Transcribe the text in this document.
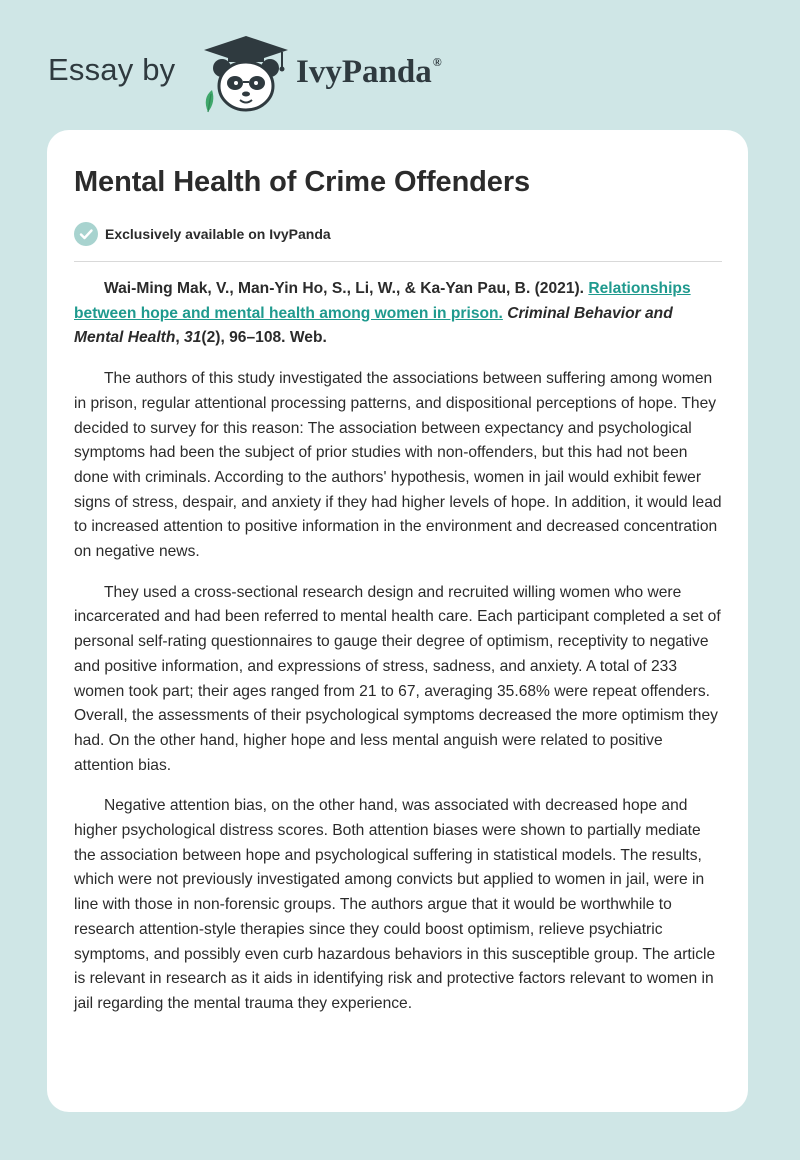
Essay by	IvyPanda®
Mental Health of Crime Offenders
Exclusively available on IvyPanda

Wai-Ming Mak, V., Man-Yin Ho, S., Li, W., & Ka-Yan Pau, B. (2021). Relationships between hope and mental health among women in prison. Criminal Behavior and Mental Health, 31(2), 96–108. Web.

The authors of this study investigated the associations between suffering among women in prison, regular attentional processing patterns, and dispositional perceptions of hope. They decided to survey for this reason: The association between expectancy and psychological symptoms had been the subject of prior studies with non-offenders, but this had not been done with criminals. According to the authors' hypothesis, women in jail would exhibit fewer signs of stress, despair, and anxiety if they had higher levels of hope. In addition, it would lead to increased attention to positive information in the environment and decreased concentration on negative news.

They used a cross-sectional research design and recruited willing women who were incarcerated and had been referred to mental health care. Each participant completed a set of personal self-rating questionnaires to gauge their degree of optimism, receptivity to negative and positive information, and expressions of stress, sadness, and anxiety. A total of 233 women took part; their ages ranged from 21 to 67, averaging 35.68% were repeat offenders. Overall, the assessments of their psychological symptoms decreased the more optimism they had. On the other hand, higher hope and less mental anguish were related to positive attention bias.

Negative attention bias, on the other hand, was associated with decreased hope and higher psychological distress scores. Both attention biases were shown to partially mediate the association between hope and psychological suffering in statistical models. The results, which were not previously investigated among convicts but applied to women in jail, were in line with those in non-forensic groups. The authors argue that it would be worthwhile to research attention-style therapies since they could boost optimism, relieve psychiatric symptoms, and possibly even curb hazardous behaviors in this susceptible group. The article is relevant in research as it aids in identifying risk and protective factors relevant to women in jail regarding the mental trauma they experience.
